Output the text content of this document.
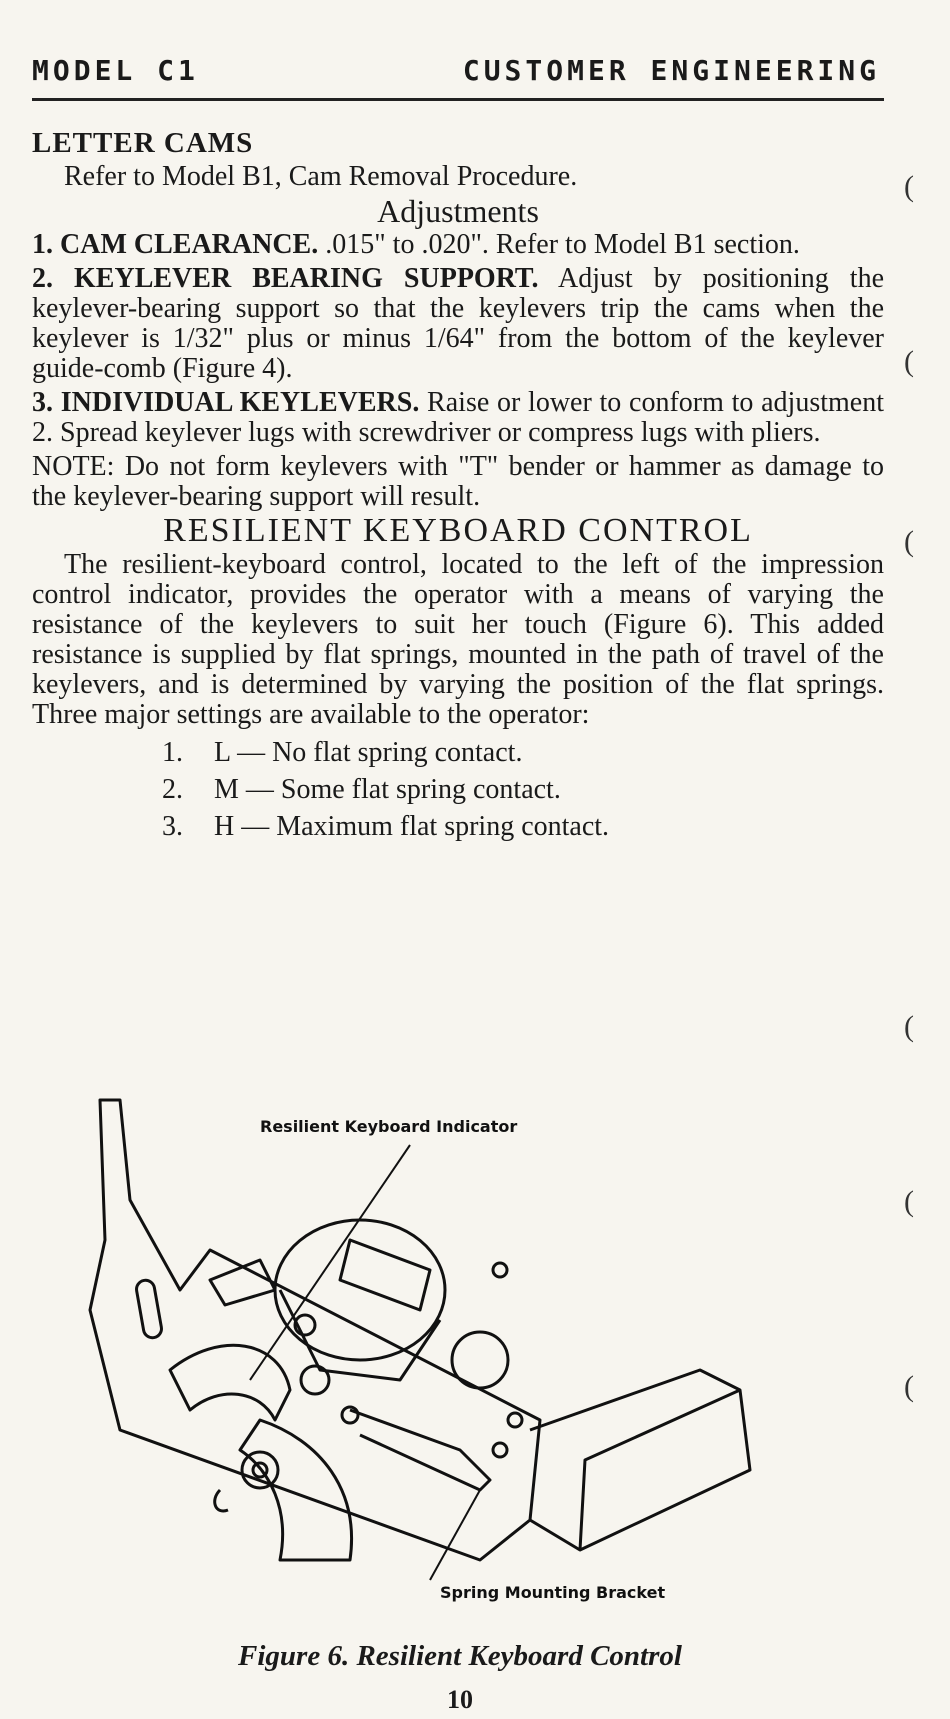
MODEL C1	CUSTOMER ENGINEERING

LETTER CAMS

Refer to Model B1, Cam Removal Procedure.

Adjustments

1. CAM CLEARANCE. .015" to .020". Refer to Model B1 section.

2. KEYLEVER BEARING SUPPORT. Adjust by positioning the keylever-bearing support so that the keylevers trip the cams when the keylever is 1/32" plus or minus 1/64" from the bottom of the keylever guide-comb (Figure 4).

3. INDIVIDUAL KEYLEVERS. Raise or lower to conform to adjustment 2. Spread keylever lugs with screwdriver or compress lugs with pliers.

NOTE: Do not form keylevers with "T" bender or hammer as damage to the keylever-bearing support will result.

RESILIENT KEYBOARD CONTROL

The resilient-keyboard control, located to the left of the impression control indicator, provides the operator with a means of varying the resistance of the keylevers to suit her touch (Figure 6). This added resistance is supplied by flat springs, mounted in the path of travel of the keylevers, and is determined by varying the position of the flat springs. Three major settings are available to the operator:

1. L — No flat spring contact.
2. M — Some flat spring contact.
3. H — Maximum flat spring contact.
Resilient Keyboard Indicator
Spring Mounting Bracket
Figure 6. Resilient Keyboard Control
10
(
(
(
(
(
(
